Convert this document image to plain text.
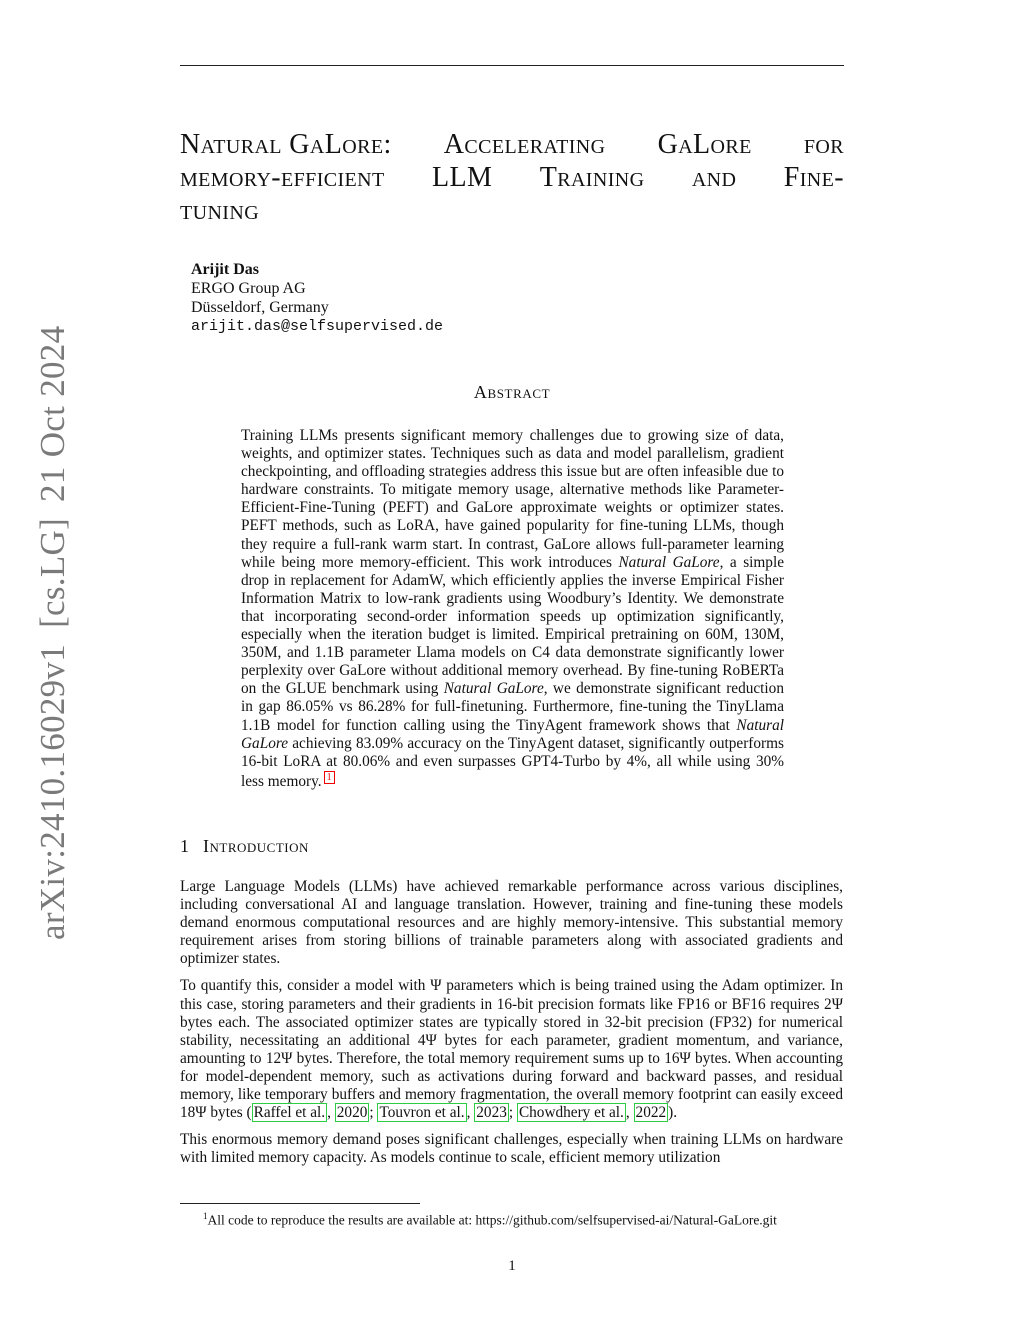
Natural GaLore: Accelerating GaLore for
memory-efficient LLM Training and Fine-
tuning
Arijit Das
ERGO Group AG
Düsseldorf, Germany
arijit.das@selfsupervised.de
Abstract
Training LLMs presents significant memory challenges due to growing size of data, weights, and optimizer states. Techniques such as data and model parallelism, gradient checkpointing, and offloading strategies address this issue but are often infeasible due to hardware constraints. To mitigate memory usage, alternative methods like Parameter-Efficient-Fine-Tuning (PEFT) and GaLore approximate weights or optimizer states. PEFT methods, such as LoRA, have gained popularity for fine-tuning LLMs, though they require a full-rank warm start. In contrast, GaLore allows full-parameter learning while being more memory-efficient. This work introduces Natural GaLore, a simple drop in replacement for AdamW, which efficiently applies the inverse Empirical Fisher Information Matrix to low-rank gradients using Woodbury’s Identity. We demonstrate that incorporating second-order information speeds up optimization significantly, especially when the iteration budget is limited. Empirical pretraining on 60M, 130M, 350M, and 1.1B parameter Llama models on C4 data demonstrate significantly lower perplexity over GaLore without additional memory overhead. By fine-tuning RoBERTa on the GLUE benchmark using Natural GaLore, we demonstrate significant reduction in gap 86.05% vs 86.28% for full-finetuning. Furthermore, fine-tuning the TinyLlama 1.1B model for function calling using the TinyAgent framework shows that Natural GaLore achieving 83.09% accuracy on the TinyAgent dataset, significantly outperforms 16-bit LoRA at 80.06% and even surpasses GPT4-Turbo by 4%, all while using 30% less memory. 1
1 Introduction

Large Language Models (LLMs) have achieved remarkable performance across various disciplines, including conversational AI and language translation. However, training and fine-tuning these models demand enormous computational resources and are highly memory-intensive. This substantial memory requirement arises from storing billions of trainable parameters along with associated gradients and optimizer states.

To quantify this, consider a model with Ψ parameters which is being trained using the Adam optimizer. In this case, storing parameters and their gradients in 16-bit precision formats like FP16 or BF16 requires 2Ψ bytes each. The associated optimizer states are typically stored in 32-bit precision (FP32) for numerical stability, necessitating an additional 4Ψ bytes for each parameter, gradient momentum, and variance, amounting to 12Ψ bytes. Therefore, the total memory requirement sums up to 16Ψ bytes. When accounting for model-dependent memory, such as activations during forward and backward passes, and residual memory, like temporary buffers and memory fragmentation, the overall memory footprint can easily exceed 18Ψ bytes ( Raffel et al. , 2020 ; Touvron et al. , 2023 ; Chowdhery et al. , 2022 ).

This enormous memory demand poses significant challenges, especially when training LLMs on hardware with limited memory capacity. As models continue to scale, efficient memory utilization

$^1$All code to reproduce the results are available at: https://github.com/selfsupervised-ai/Natural-GaLore.git
1
arXiv:2410.16029v1[cs.LG]21 Oct 2024
